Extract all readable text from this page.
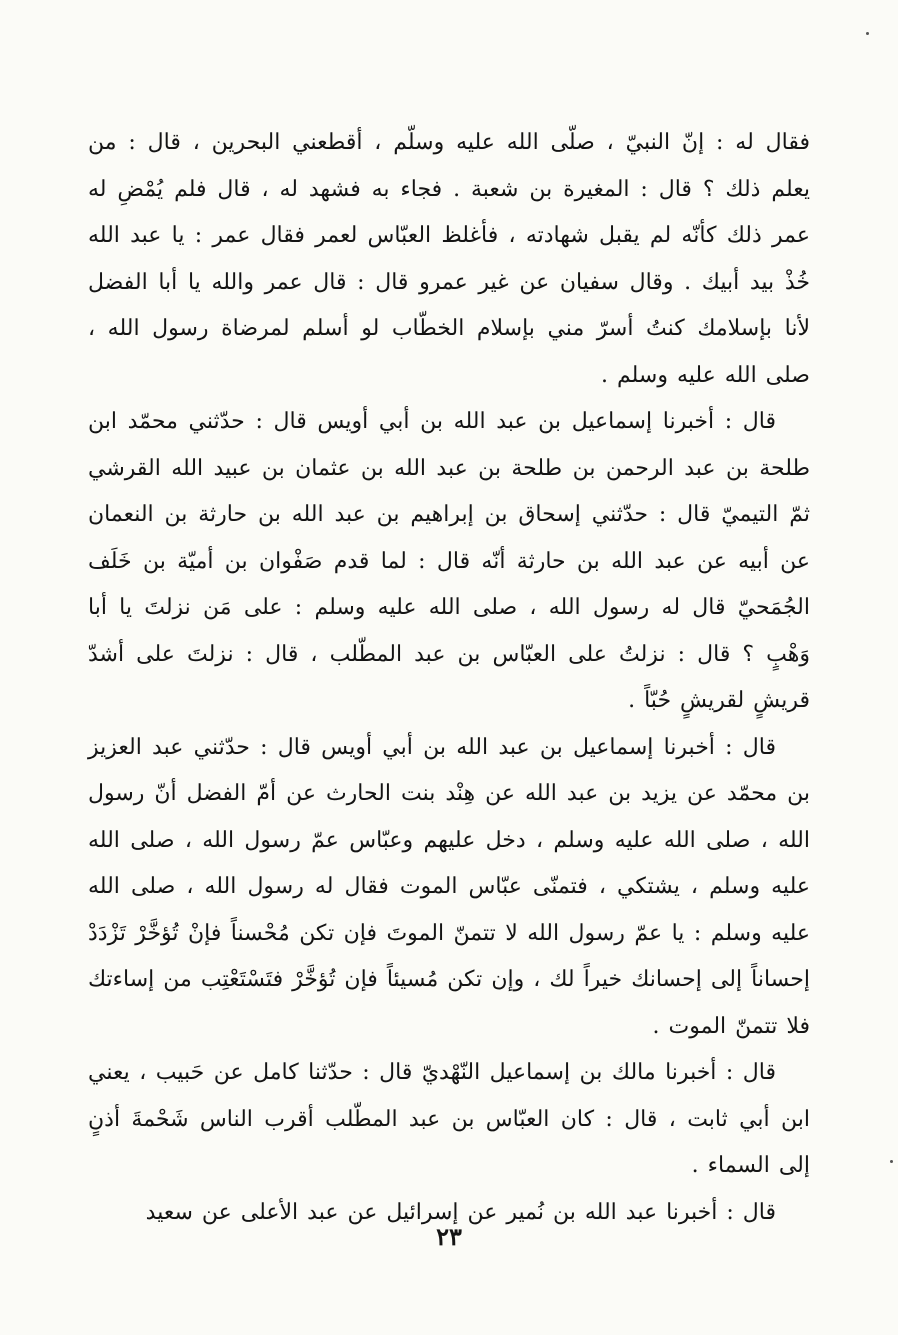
فقال له : إنّ النبيّ ، صلّى الله عليه وسلّم ، أقطعني البحرين ، قال : من يعلم ذلك ؟ قال : المغيرة بن شعبة . فجاء به فشهد له ، قال فلم يُمْضِ له عمر ذلك كأنّه لم يقبل شهادته ، فأغلظ العبّاس لعمر فقال عمر : يا عبد الله خُذْ بيد أبيك . وقال سفيان عن غير عمرو قال : قال عمر والله يا أبا الفضل لأنا بإسلامك كنتُ أسرّ مني بإسلام الخطّاب لو أسلم لمرضاة رسول الله ، صلى الله عليه وسلم .

قال : أخبرنا إسماعيل بن عبد الله بن أبي أويس قال : حدّثني محمّد ابن طلحة بن عبد الرحمن بن طلحة بن عبد الله بن عثمان بن عبيد الله القرشي ثمّ التيميّ قال : حدّثني إسحاق بن إبراهيم بن عبد الله بن حارثة بن النعمان عن أبيه عن عبد الله بن حارثة أنّه قال : لما قدم صَفْوان بن أميّة بن خَلَف الجُمَحيّ قال له رسول الله ، صلى الله عليه وسلم : على مَن نزلتَ يا أبا وَهْبٍ ؟ قال : نزلتُ على العبّاس بن عبد المطّلب ، قال : نزلتَ على أشدّ قريشٍ لقريشٍ حُبّاً .

قال : أخبرنا إسماعيل بن عبد الله بن أبي أويس قال : حدّثني عبد العزيز بن محمّد عن يزيد بن عبد الله عن هِنْد بنت الحارث عن أمّ الفضل أنّ رسول الله ، صلى الله عليه وسلم ، دخل عليهم وعبّاس عمّ رسول الله ، صلى الله عليه وسلم ، يشتكي ، فتمنّى عبّاس الموت فقال له رسول الله ، صلى الله عليه وسلم : يا عمّ رسول الله لا تتمنّ الموتَ فإن تكن مُحْسناً فإنْ تُؤخَّرْ تَزْدَدْ إحساناً إلى إحسانك خيراً لك ، وإن تكن مُسيئاً فإن تُؤخَّرْ فتَسْتَعْتِب من إساءتك فلا تتمنّ الموت .

قال : أخبرنا مالك بن إسماعيل النّهْديّ قال : حدّثنا كامل عن حَبيب ، يعني ابن أبي ثابت ، قال : كان العبّاس بن عبد المطّلب أقرب الناس شَحْمةَ أذنٍ إلى السماء .

قال : أخبرنا عبد الله بن نُمير عن إسرائيل عن عبد الأعلى عن سعيد

٢٣
